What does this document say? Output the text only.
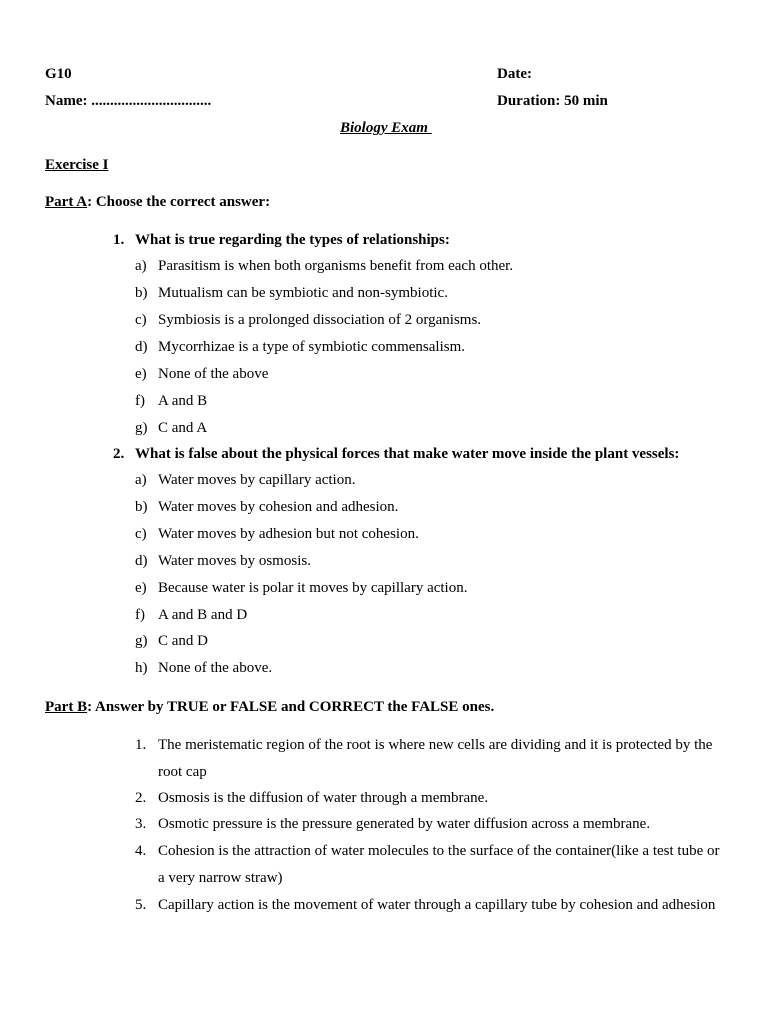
G10	Date:
Name: ................................	Duration: 50 min
Biology Exam
Exercise I
Part A: Choose the correct answer:
1. What is true regarding the types of relationships:
a) Parasitism is when both organisms benefit from each other.
b) Mutualism can be symbiotic and non-symbiotic.
c) Symbiosis is a prolonged dissociation of 2 organisms.
d) Mycorrhizae is a type of symbiotic commensalism.
e) None of the above
f) A and B
g) C and A
2. What is false about the physical forces that make water move inside the plant vessels:
a) Water moves by capillary action.
b) Water moves by cohesion and adhesion.
c) Water moves by adhesion but not cohesion.
d) Water moves by osmosis.
e) Because water is polar it moves by capillary action.
f) A and B and D
g) C and D
h) None of the above.
Part B: Answer by TRUE or FALSE and CORRECT the FALSE ones.
1. The meristematic region of the root is where new cells are dividing and it is protected by the
root cap
2. Osmosis is the diffusion of water through a membrane.
3. Osmotic pressure is the pressure generated by water diffusion across a membrane.
4. Cohesion is the attraction of water molecules to the surface of the container(like a test tube or
a very narrow straw)
5. Capillary action is the movement of water through a capillary tube by cohesion and adhesion
